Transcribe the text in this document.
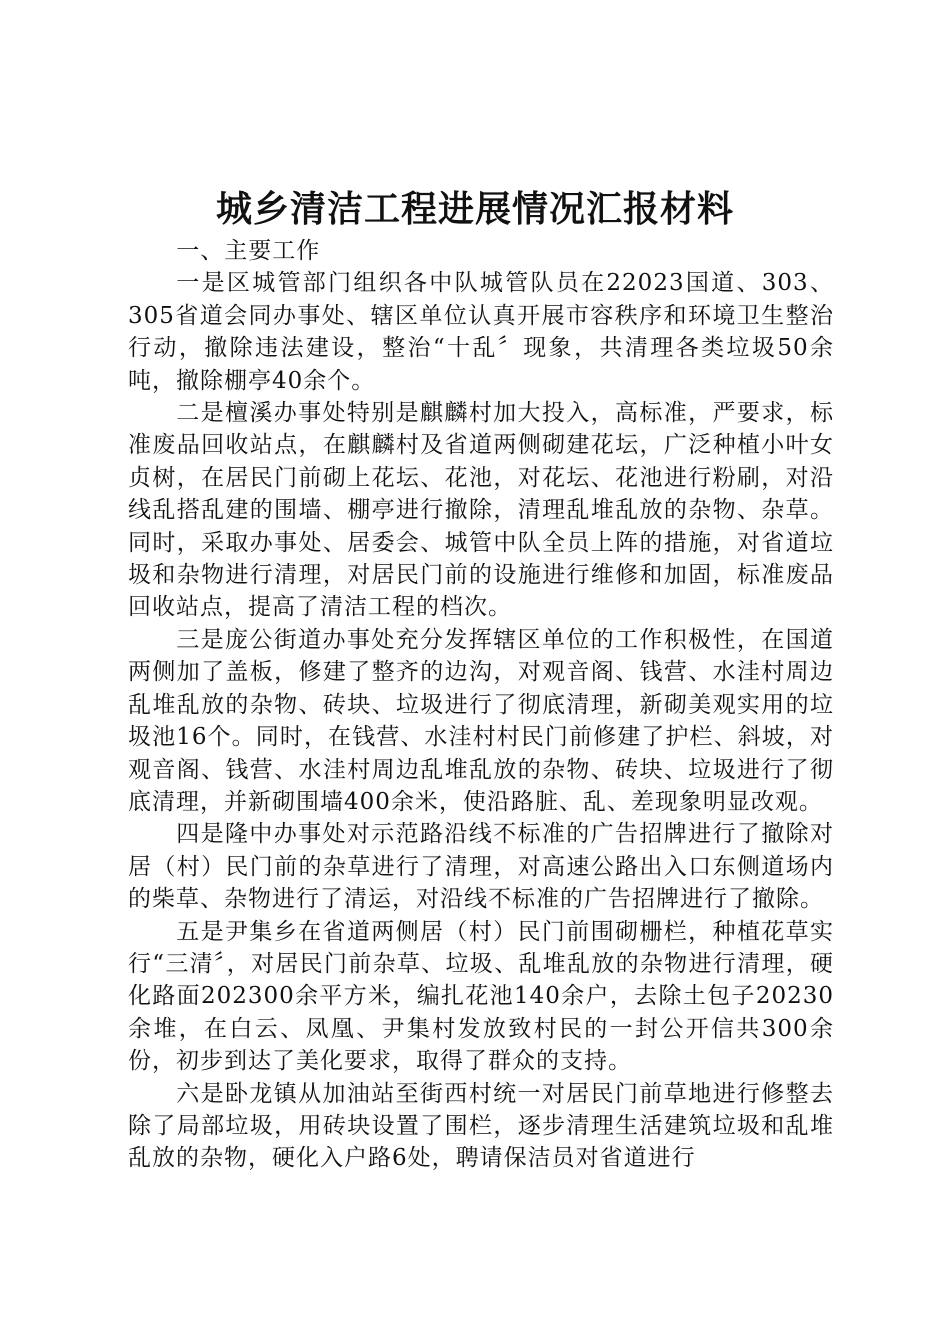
城乡清洁工程进展情况汇报材料

一、主要工作

一是区城管部门组织各中队城管队员在22023国道、303、305省道会同办事处、辖区单位认真开展市容秩序和环境卫生整治行动，撤除违法建设，整治“十乱〞现象，共清理各类垃圾50余吨，撤除棚亭40余个。

二是檀溪办事处特别是麒麟村加大投入，高标准，严要求，标准废品回收站点，在麒麟村及省道两侧砌建花坛，广泛种植小叶女贞树，在居民门前砌上花坛、花池，对花坛、花池进行粉刷，对沿线乱搭乱建的围墙、棚亭进行撤除，清理乱堆乱放的杂物、杂草。同时，采取办事处、居委会、城管中队全员上阵的措施，对省道垃圾和杂物进行清理，对居民门前的设施进行维修和加固，标准废品回收站点，提高了清洁工程的档次。

三是庞公街道办事处充分发挥辖区单位的工作积极性，在国道两侧加了盖板，修建了整齐的边沟，对观音阁、钱营、水洼村周边乱堆乱放的杂物、砖块、垃圾进行了彻底清理，新砌美观实用的垃圾池16个。同时，在钱营、水洼村村民门前修建了护栏、斜坡，对观音阁、钱营、水洼村周边乱堆乱放的杂物、砖块、垃圾进行了彻底清理，并新砌围墙400余米，使沿路脏、乱、差现象明显改观。

四是隆中办事处对示范路沿线不标准的广告招牌进行了撤除对居（村）民门前的杂草进行了清理，对高速公路出入口东侧道场内的柴草、杂物进行了清运，对沿线不标准的广告招牌进行了撤除。

五是尹集乡在省道两侧居（村）民门前围砌栅栏，种植花草实行“三清〞，对居民门前杂草、垃圾、乱堆乱放的杂物进行清理，硬化路面202300余平方米，编扎花池140余户，去除土包子20230余堆，在白云、凤凰、尹集村发放致村民的一封公开信共300余份，初步到达了美化要求，取得了群众的支持。

六是卧龙镇从加油站至街西村统一对居民门前草地进行修整去除了局部垃圾，用砖块设置了围栏，逐步清理生活建筑垃圾和乱堆乱放的杂物，硬化入户路6处，聘请保洁员对省道进行
